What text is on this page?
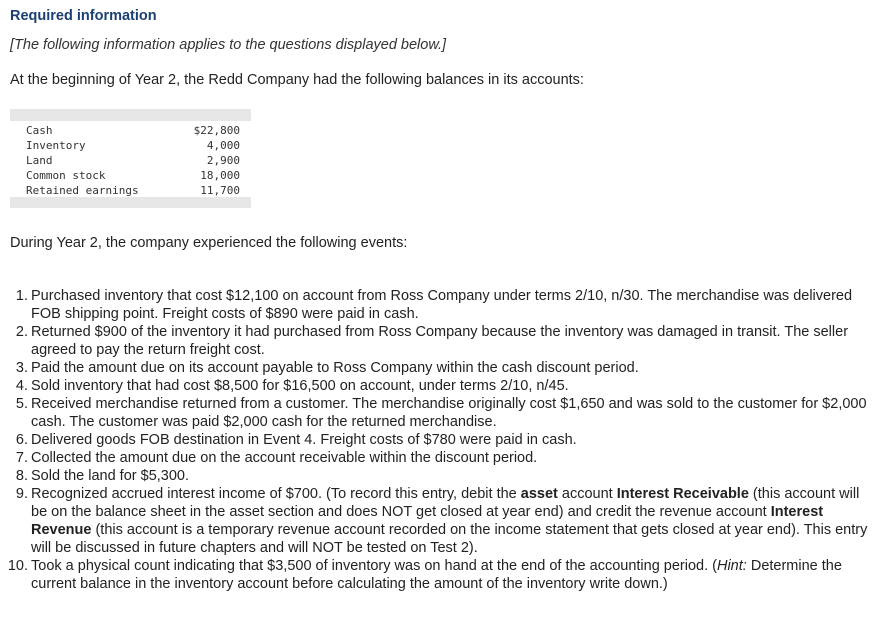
Required information
[The following information applies to the questions displayed below.]
At the beginning of Year 2, the Redd Company had the following balances in its accounts:
Cash	$22,800
Inventory	4,000
Land	2,900
Common stock	18,000
Retained earnings	11,700
During Year 2, the company experienced the following events:
1. Purchased inventory that cost $12,100 on account from Ross Company under terms 2/10, n/30. The merchandise was delivered FOB shipping point. Freight costs of $890 were paid in cash.
2. Returned $900 of the inventory it had purchased from Ross Company because the inventory was damaged in transit. The seller agreed to pay the return freight cost.
3. Paid the amount due on its account payable to Ross Company within the cash discount period.
4. Sold inventory that had cost $8,500 for $16,500 on account, under terms 2/10, n/45.
5. Received merchandise returned from a customer. The merchandise originally cost $1,650 and was sold to the customer for $2,000 cash. The customer was paid $2,000 cash for the returned merchandise.
6. Delivered goods FOB destination in Event 4. Freight costs of $780 were paid in cash.
7. Collected the amount due on the account receivable within the discount period.
8. Sold the land for $5,300.
9. Recognized accrued interest income of $700. (To record this entry, debit the asset account Interest Receivable (this account will be on the balance sheet in the asset section and does NOT get closed at year end) and credit the revenue account Interest Revenue (this account is a temporary revenue account recorded on the income statement that gets closed at year end). This entry will be discussed in future chapters and will NOT be tested on Test 2).
10. Took a physical count indicating that $3,500 of inventory was on hand at the end of the accounting period. (Hint: Determine the current balance in the inventory account before calculating the amount of the inventory write down.)
